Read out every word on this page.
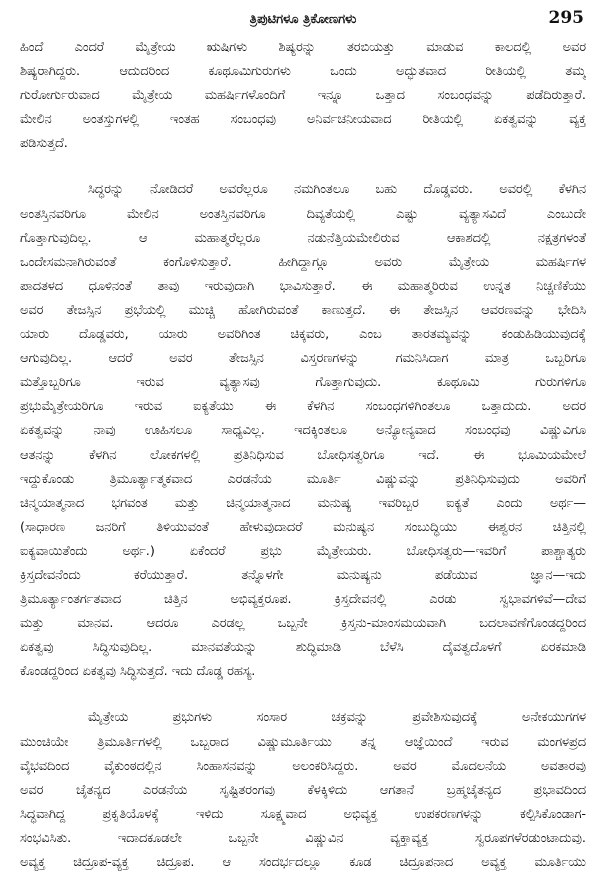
ತ್ರಿಪುಟಿಗಳೂ ತ್ರಿಕೋಣಗಳು	295

ಹಿಂದೆ ಎಂದರೆ ಮೈತ್ರೇಯ ಋಷಿಗಳು ಶಿಷ್ಯರನ್ನು ತರಬಿಯತ್ತು ಮಾಡುವ ಕಾಲದಲ್ಲಿ ಅವರ
ಶಿಷ್ಯರಾಗಿದ್ದರು. ಆದುದರಿಂದ ಕೂಥೂಮಿಗುರುಗಳು ಒಂದು ಅದ್ಭುತವಾದ ರೀತಿಯಲ್ಲಿ ತಮ್ಮ
ಗುರೋರ್ಗುರುವಾದ ಮೈತ್ರೇಯ ಮಹರ್ಷಿಗಳೊಂದಿಗೆ ಇನ್ನೂ ಒತ್ತಾದ ಸಂಬಂಧವನ್ನು ಪಡೆದಿರುತ್ತಾರೆ.
ಮೇಲಿನ ಅಂತಸ್ತುಗಳಲ್ಲಿ ಇಂತಹ ಸಂಬಂಧವು ಅನಿರ್ವಚನೀಯವಾದ ರೀತಿಯಲ್ಲಿ ಏಕತ್ವವನ್ನು ವ್ಯಕ್ತ
ಪಡಿಸುತ್ತದೆ.

ಸಿದ್ಧರನ್ನು ನೋಡಿದರೆ ಅವರೆಲ್ಲರೂ ನಮಗಿಂತಲೂ ಬಹು ದೊಡ್ಡವರು. ಅವರಲ್ಲಿ ಕೆಳಗಿನ
ಅಂತಸ್ತಿನವರಿಗೂ ಮೇಲಿನ ಅಂತಸ್ತಿನವರಿಗೂ ದಿವ್ಯತೆಯಲ್ಲಿ ಎಷ್ಟು ವ್ಯತ್ಯಾಸವಿದೆ ಎಂಬುದೇ
ಗೊತ್ತಾಗುವುದಿಲ್ಲ. ಆ ಮಹಾತ್ಮರೆಲ್ಲರೂ ನಡುನೆತ್ತಿಯಮೇಲಿರುವ ಆಕಾಶದಲ್ಲಿ ನಕ್ಷತ್ರಗಳಂತೆ
ಒಂದೇಸಮನಾಗಿರುವಂತೆ ಕಂಗೊಳಿಸುತ್ತಾರೆ. ಹೀಗಿದ್ದಾಗ್ಗೂ ಅವರು ಮೈತ್ರೇಯ ಮಹರ್ಷಿಗಳ
ಪಾದತಳದ ಧೂಳಿನಂತೆ ತಾವು ಇರುವುದಾಗಿ ಭಾವಿಸುತ್ತಾರೆ. ಈ ಮಹಾತ್ಮರಿರುವ ಉನ್ನತ ನಿಚ್ಚಣಿಕೆಯು
ಅವರ ತೇಜಸ್ಸಿನ ಪ್ರಭೆಯಲ್ಲಿ ಮುಚ್ಚಿ ಹೋಗಿರುವಂತೆ ಕಾಣುತ್ತದೆ. ಈ ತೇಜಸ್ಸಿನ ಆವರಣವನ್ನು ಭೇದಿಸಿ
ಯಾರು ದೊಡ್ಡವರು, ಯಾರು ಅವರಿಗಿಂತ ಚಿಕ್ಕವರು, ಎಂಬ ತಾರತಮ್ಯವನ್ನು ಕಂಡುಹಿಡಿಯುವುದಕ್ಕೆ
ಆಗುವುದಿಲ್ಲ. ಆದರೆ ಅವರ ತೇಜಸ್ಸಿನ ವಿಸ್ತರಣಗಳನ್ನು ಗಮನಿಸಿದಾಗ ಮಾತ್ರ ಒಬ್ಬರಿಗೂ
ಮತ್ತೊಬ್ಬರಿಗೂ ಇರುವ ವ್ಯತ್ಯಾಸವು ಗೊತ್ತಾಗುವುದು. ಕೂಥೂಮಿ ಗುರುಗಳಿಗೂ
ಪ್ರಭುಮೈತ್ರೇಯರಿಗೂ ಇರುವ ಐಕ್ಯತೆಯು ಈ ಕೆಳಗಿನ ಸಂಬಂಧಗಳಿಗಿಂತಲೂ ಒತ್ತಾದುದು. ಅದರ
ಏಕತ್ವವನ್ನು ನಾವು ಊಹಿಸಲೂ ಸಾಧ್ಯವಿಲ್ಲ. ಇದಕ್ಕಿಂತಲೂ ಅನ್ಯೋನ್ಯವಾದ ಸಂಬಂಧವು ವಿಷ್ಣುವಿಗೂ
ಆತನನ್ನು ಕೆಳಗಿನ ಲೋಕಗಳಲ್ಲಿ ಪ್ರತಿನಿಧಿಸುವ ಬೋಧಿಸತ್ವರಿಗೂ ಇದೆ. ಈ ಭೂಮಿಯಮೇಲೆ
ಇದ್ದುಕೊಂಡು ತ್ರಿಮೂರ್ತ್ಯಾತ್ಮಕವಾದ ಎರಡನೆಯ ಮೂರ್ತಿ ವಿಷ್ಣುವನ್ನು ಪ್ರತಿನಿಧಿಸುವುದು ಅವರಿಗೆ
ಚಿನ್ಮಯಾತ್ಮನಾದ ಭಗವಂತ ಮತ್ತು ಚಿನ್ಮಯಾತ್ಮನಾದ ಮನುಷ್ಯ ಇವರಿಬ್ಬರ ಐಕ್ಯತೆ ಎಂದು ಅರ್ಥ—
(ಸಾಧಾರಣ ಜನರಿಗೆ ತಿಳಿಯುವಂತೆ ಹೇಳುವುದಾದರೆ ಮನುಷ್ಯನ ಸಂಬುದ್ಧಿಯು ಈಶ್ವರನ ಚಿತ್ತಿನಲ್ಲಿ
ಐಕ್ಯವಾಯಿತೆಂದು ಅರ್ಥ.) ಏಕೆಂದರೆ ಪ್ರಭು ಮೈತ್ರೇಯರು. ಬೋಧಿಸತ್ವರು—ಇವರಿಗೆ ಪಾಶ್ಚಾತ್ಯರು
ಕ್ರಿಸ್ತದೇವನೆಂದು ಕರೆಯುತ್ತಾರೆ. ತನ್ನೊಳಗೇ ಮನುಷ್ಯನು ಪಡೆಯುವ ಜ್ಞಾನ—ಇದು
ತ್ರಿಮೂರ್ತ್ಯಾಂತರ್ಗತವಾದ ಚಿತ್ತಿನ ಅಭಿವ್ಯಕ್ತರೂಪ. ಕ್ರಿಸ್ತದೇವನಲ್ಲಿ ಎರಡು ಸ್ವಭಾವಗಳಿವೆ—ದೇವ
ಮತ್ತು ಮಾನವ. ಆದರೂ ಎರಡಲ್ಲ ಒಬ್ಬನೇ ಕ್ರಿಸ್ತನು-ಮಾಂಸಮಯವಾಗಿ ಬದಲಾವಣೆಗೊಂಡದ್ದರಿಂದ
ಏಕತ್ವವು ಸಿದ್ಧಿಸುವುದಿಲ್ಲ. ಮಾನವತೆಯನ್ನು ಶುದ್ಧಿಮಾಡಿ ಬೆಳೆಸಿ ದೈವತ್ವದೊಳಗೆ ಏರಕಮಾಡಿ
ಕೊಂಡದ್ದರಿಂದ ಏಕತ್ವವು ಸಿದ್ಧಿಸುತ್ತದೆ. ಇದು ದೊಡ್ಡ ರಹಸ್ಯ.

ಮೈತ್ರೇಯ ಪ್ರಭುಗಳು ಸಂಸಾರ ಚಕ್ರವನ್ನು ಪ್ರವೇಶಿಸುವುದಕ್ಕೆ ಅನೇಕಯುಗಗಳ
ಮುಂಚಿಯೇ ತ್ರಿಮೂರ್ತಿಗಳಲ್ಲಿ ಒಬ್ಬರಾದ ವಿಷ್ಣುಮೂರ್ತಿಯು ತನ್ನ ಆಜ್ಞೆಯಿಂದೆ ಇರುವ ಮಂಗಳಪ್ರದ
ವೈಭವದಿಂದ ವೈಕುಂಠದಲ್ಲಿನ ಸಿಂಹಾಸನವನ್ನು ಅಲಂಕರಿಸಿದ್ದರು. ಅವರ ಮೊದಲನೆಯ ಅವತಾರವು
ಅವರ ಚೈತನ್ಯದ ಎರಡನೆಯ ಸೃಷ್ಟಿತರಂಗವು ಕೆಳಕ್ಕಿಳಿದು ಆಗತಾನೆ ಬ್ರಹ್ಮಚೈತನ್ಯದ ಪ್ರಭಾವದಿಂದ
ಸಿದ್ಧವಾಗಿದ್ದ ಪ್ರಕೃತಿಯೊಳಕ್ಕೆ ಇಳಿದು ಸೂಕ್ಷ್ಮವಾದ ಅಭಿವ್ಯಕ್ತ ಉಪಕರಣಗಳನ್ನು ಕಲ್ಪಿಸಿಕೊಂಡಾಗ-
ಸಂಭವಿಸಿತು. ಇದಾದಕೂಡಲೇ ಒಬ್ಬನೇ ವಿಷ್ಣುವಿನ ವ್ಯಕ್ತಾವ್ಯಕ್ತ ಸ್ವರೂಪಗಳೆರಡುಂಟಾದುವು.
ಅವ್ಯಕ್ತ ಚಿದ್ರೂಪ-ವ್ಯಕ್ತ ಚಿದ್ರೂಪ. ಆ ಸಂದರ್ಭದಲ್ಲೂ ಕೂಡ ಚಿದ್ರೂಪನಾದ ಅವ್ಯಕ್ತ ಮೂರ್ತಿಯು
